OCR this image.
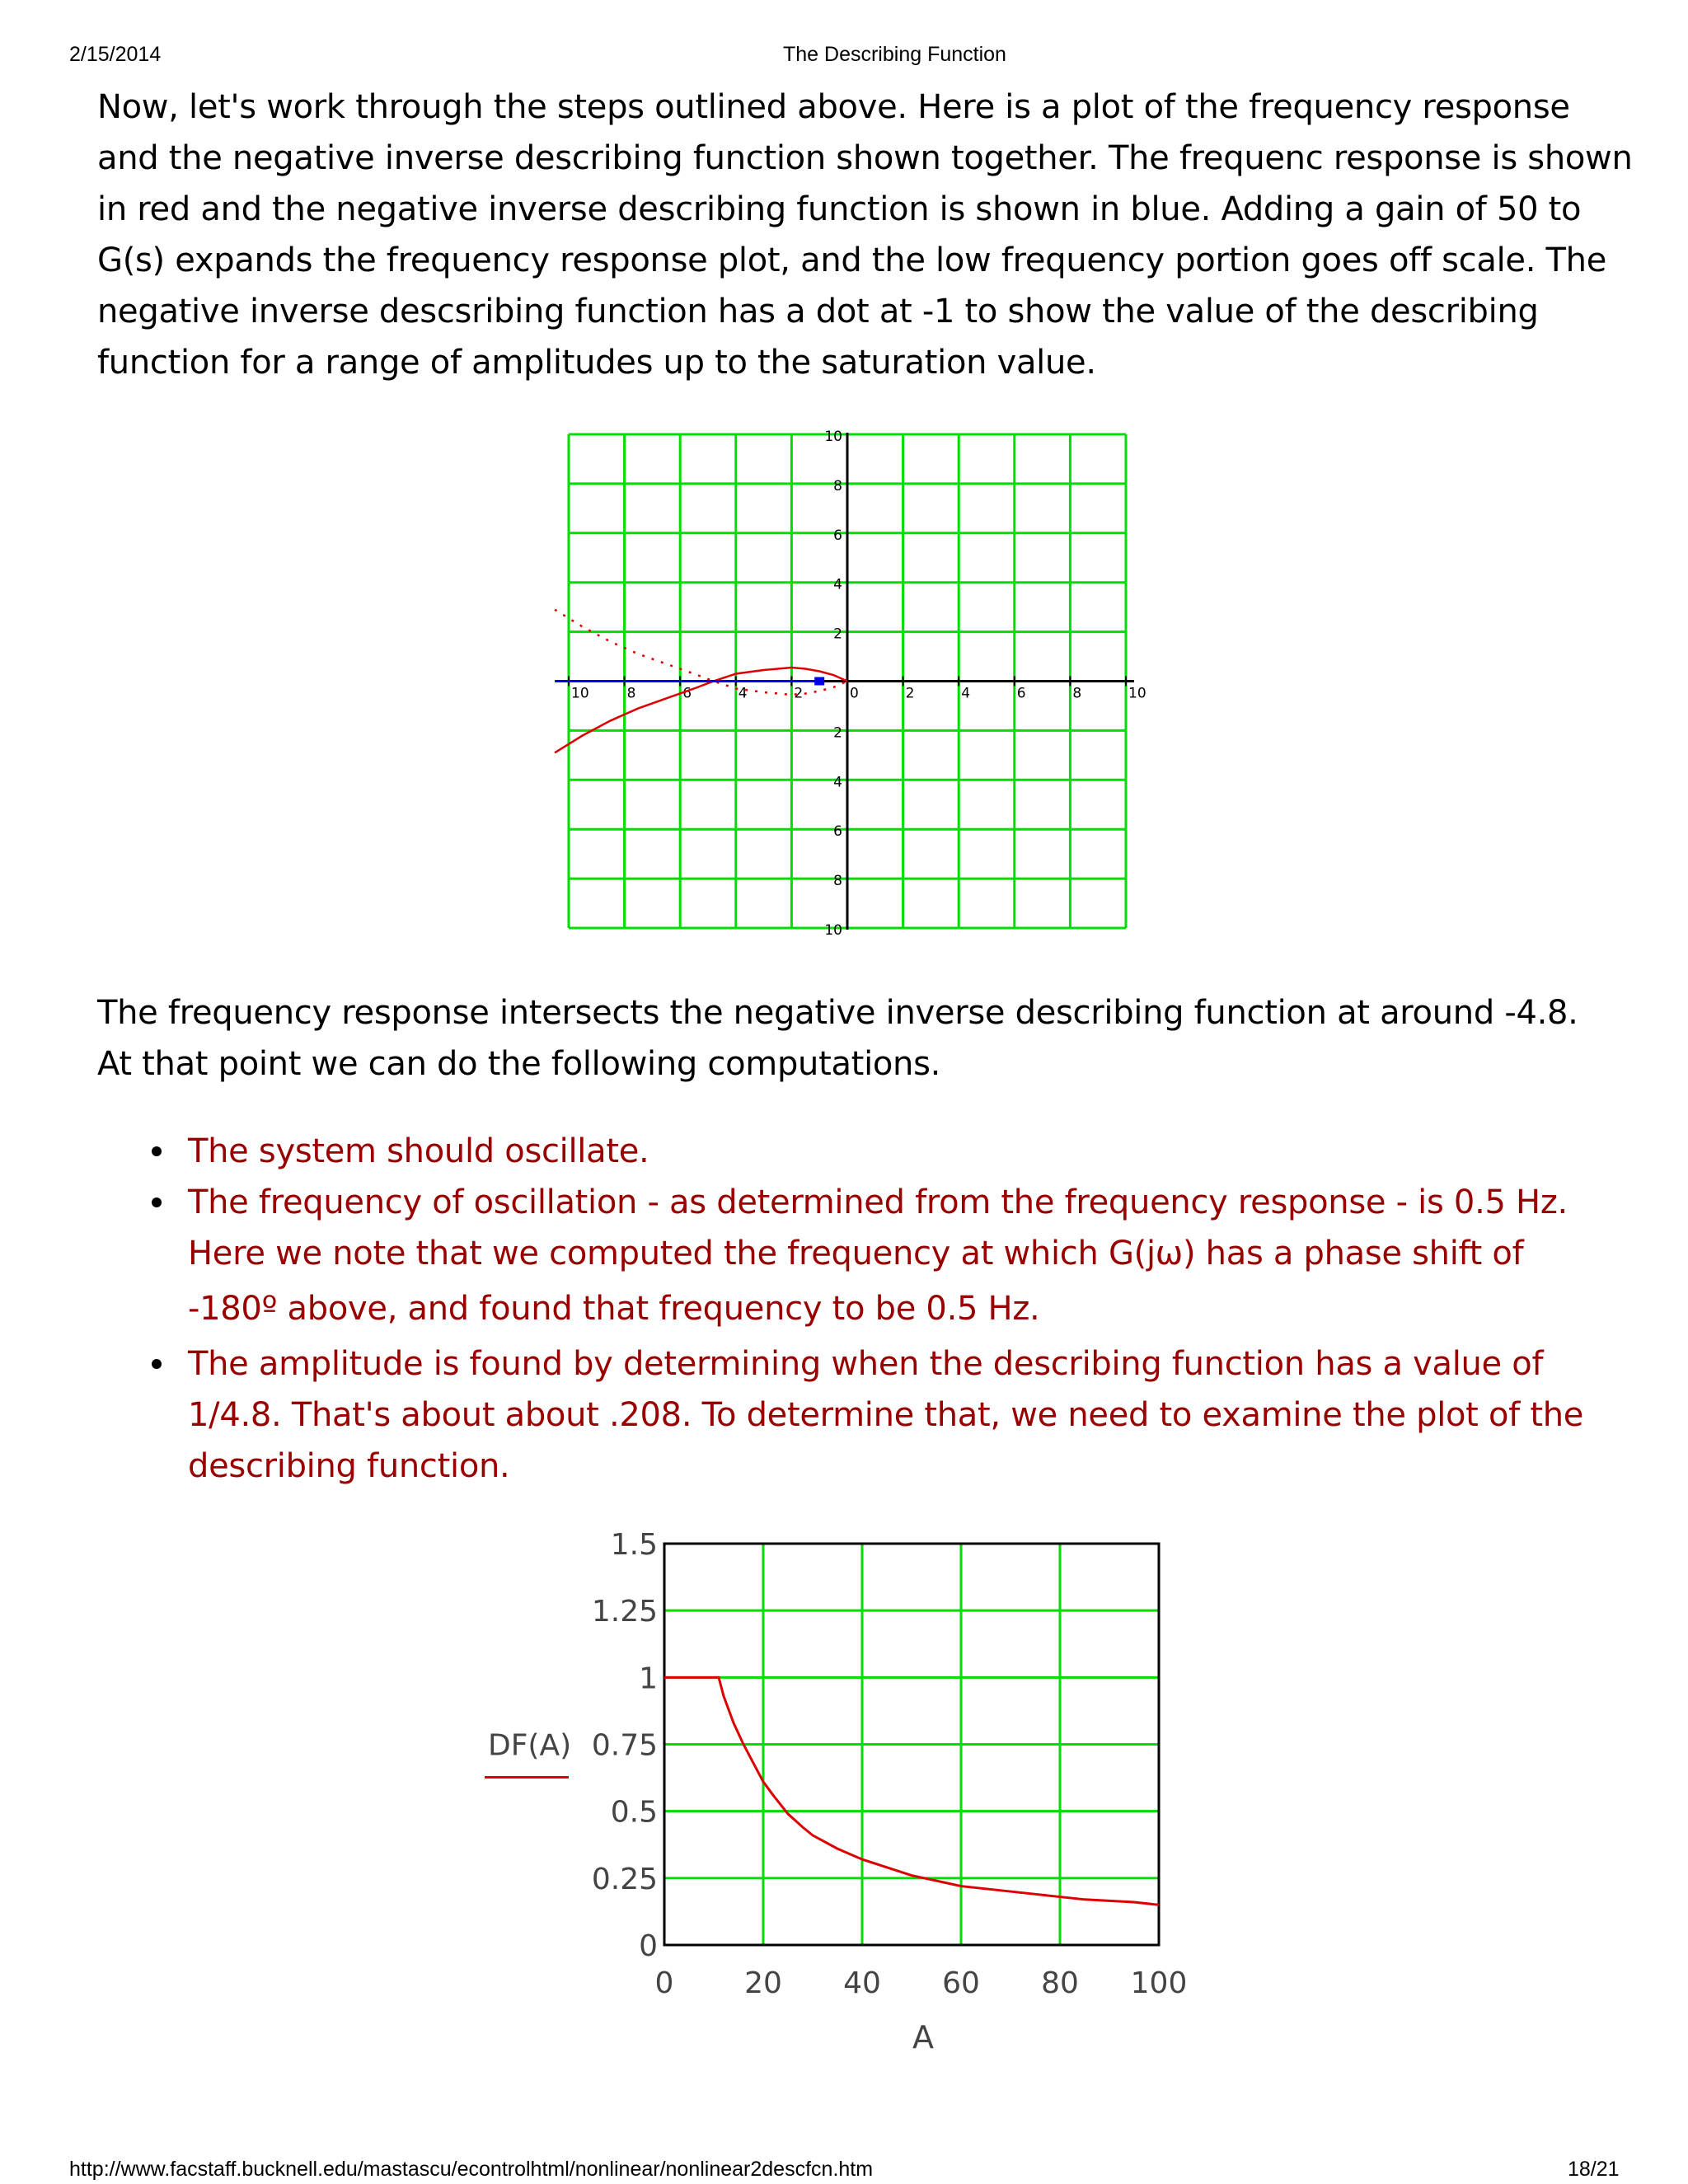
2/15/2014	The Describing Function
Now, let's work through the steps outlined above. Here is a plot of the frequency response
and the negative inverse describing function shown together. The frequenc response is shown
in red and the negative inverse describing function is shown in blue. Adding a gain of 50 to
G(s) expands the frequency response plot, and the low frequency portion goes off scale. The
negative inverse descsribing function has a dot at -1 to show the value of the describing
function for a range of amplitudes up to the saturation value.
10	8	6	4	2	0	2	4	6	8	10
10
8
6
4
2
2
4
6
8
10
The frequency response intersects the negative inverse describing function at around -4.8.
At that point we can do the following computations.
The system should oscillate.
The frequency of oscillation - as determined from the frequency response - is 0.5 Hz.
Here we note that we computed the frequency at which G(jω) has a phase shift of
-180º above, and found that frequency to be 0.5 Hz.
The amplitude is found by determining when the describing function has a value of
1/4.8. That's about about .208. To determine that, we need to examine the plot of the
describing function.
0
0.25
0.5
0.75
1
1.25
1.5
0 20 40 60 80 100
A
DF(A)
http://www.facstaff.bucknell.edu/mastascu/econtrolhtml/nonlinear/nonlinear2descfcn.htm	18/21
